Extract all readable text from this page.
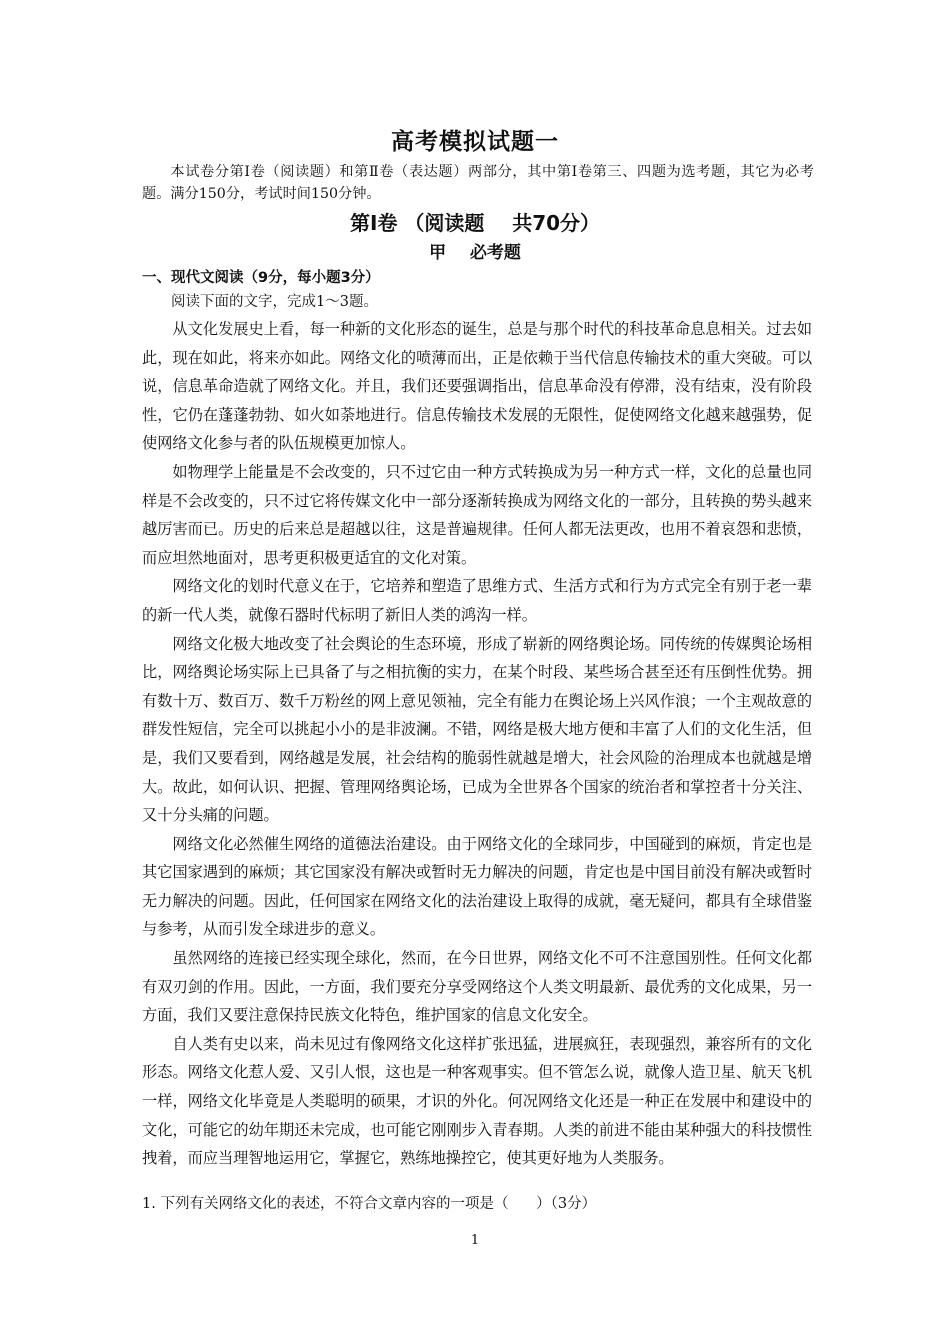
高考模拟试题一
本试卷分第Ⅰ卷（阅读题）和第Ⅱ卷（表达题）两部分，其中第Ⅰ卷第三、四题为选考题，其它为必考题。满分150分，考试时间150分钟。
第Ⅰ卷 （阅读题    共70分）
甲    必考题
一、现代文阅读（9分，每小题3分）
阅读下面的文字，完成1～3题。

从文化发展史上看，每一种新的文化形态的诞生，总是与那个时代的科技革命息息相关。过去如此，现在如此，将来亦如此。网络文化的喷薄而出，正是依赖于当代信息传输技术的重大突破。可以说，信息革命造就了网络文化。并且，我们还要强调指出，信息革命没有停滞，没有结束，没有阶段性，它仍在蓬蓬勃勃、如火如荼地进行。信息传输技术发展的无限性，促使网络文化越来越强势，促使网络文化参与者的队伍规模更加惊人。

如物理学上能量是不会改变的，只不过它由一种方式转换成为另一种方式一样，文化的总量也同样是不会改变的，只不过它将传媒文化中一部分逐渐转换成为网络文化的一部分，且转换的势头越来越厉害而已。历史的后来总是超越以往，这是普遍规律。任何人都无法更改，也用不着哀怨和悲愤，而应坦然地面对，思考更积极更适宜的文化对策。

网络文化的划时代意义在于，它培养和塑造了思维方式、生活方式和行为方式完全有别于老一辈的新一代人类，就像石器时代标明了新旧人类的鸿沟一样。

网络文化极大地改变了社会舆论的生态环境，形成了崭新的网络舆论场。同传统的传媒舆论场相比，网络舆论场实际上已具备了与之相抗衡的实力，在某个时段、某些场合甚至还有压倒性优势。拥有数十万、数百万、数千万粉丝的网上意见领袖，完全有能力在舆论场上兴风作浪；一个主观故意的群发性短信，完全可以挑起小小的是非波澜。不错，网络是极大地方便和丰富了人们的文化生活，但是，我们又要看到，网络越是发展，社会结构的脆弱性就越是增大，社会风险的治理成本也就越是增大。故此，如何认识、把握、管理网络舆论场，已成为全世界各个国家的统治者和掌控者十分关注、又十分头痛的问题。

网络文化必然催生网络的道德法治建设。由于网络文化的全球同步，中国碰到的麻烦，肯定也是其它国家遇到的麻烦；其它国家没有解决或暂时无力解决的问题，肯定也是中国目前没有解决或暂时无力解决的问题。因此，任何国家在网络文化的法治建设上取得的成就，毫无疑问，都具有全球借鉴与参考，从而引发全球进步的意义。

虽然网络的连接已经实现全球化，然而，在今日世界，网络文化不可不注意国别性。任何文化都有双刃剑的作用。因此，一方面，我们要充分享受网络这个人类文明最新、最优秀的文化成果，另一方面，我们又要注意保持民族文化特色，维护国家的信息文化安全。

自人类有史以来，尚未见过有像网络文化这样扩张迅猛，进展疯狂，表现强烈，兼容所有的文化形态。网络文化惹人爱、又引人恨，这也是一种客观事实。但不管怎么说，就像人造卫星、航天飞机一样，网络文化毕竟是人类聪明的硕果，才识的外化。何况网络文化还是一种正在发展中和建设中的文化，可能它的幼年期还未完成，也可能它刚刚步入青春期。人类的前进不能由某种强大的科技惯性拽着，而应当理智地运用它，掌握它，熟练地操控它，使其更好地为人类服务。

1. 下列有关网络文化的表述，不符合文章内容的一项是（      ）（3分）
1
